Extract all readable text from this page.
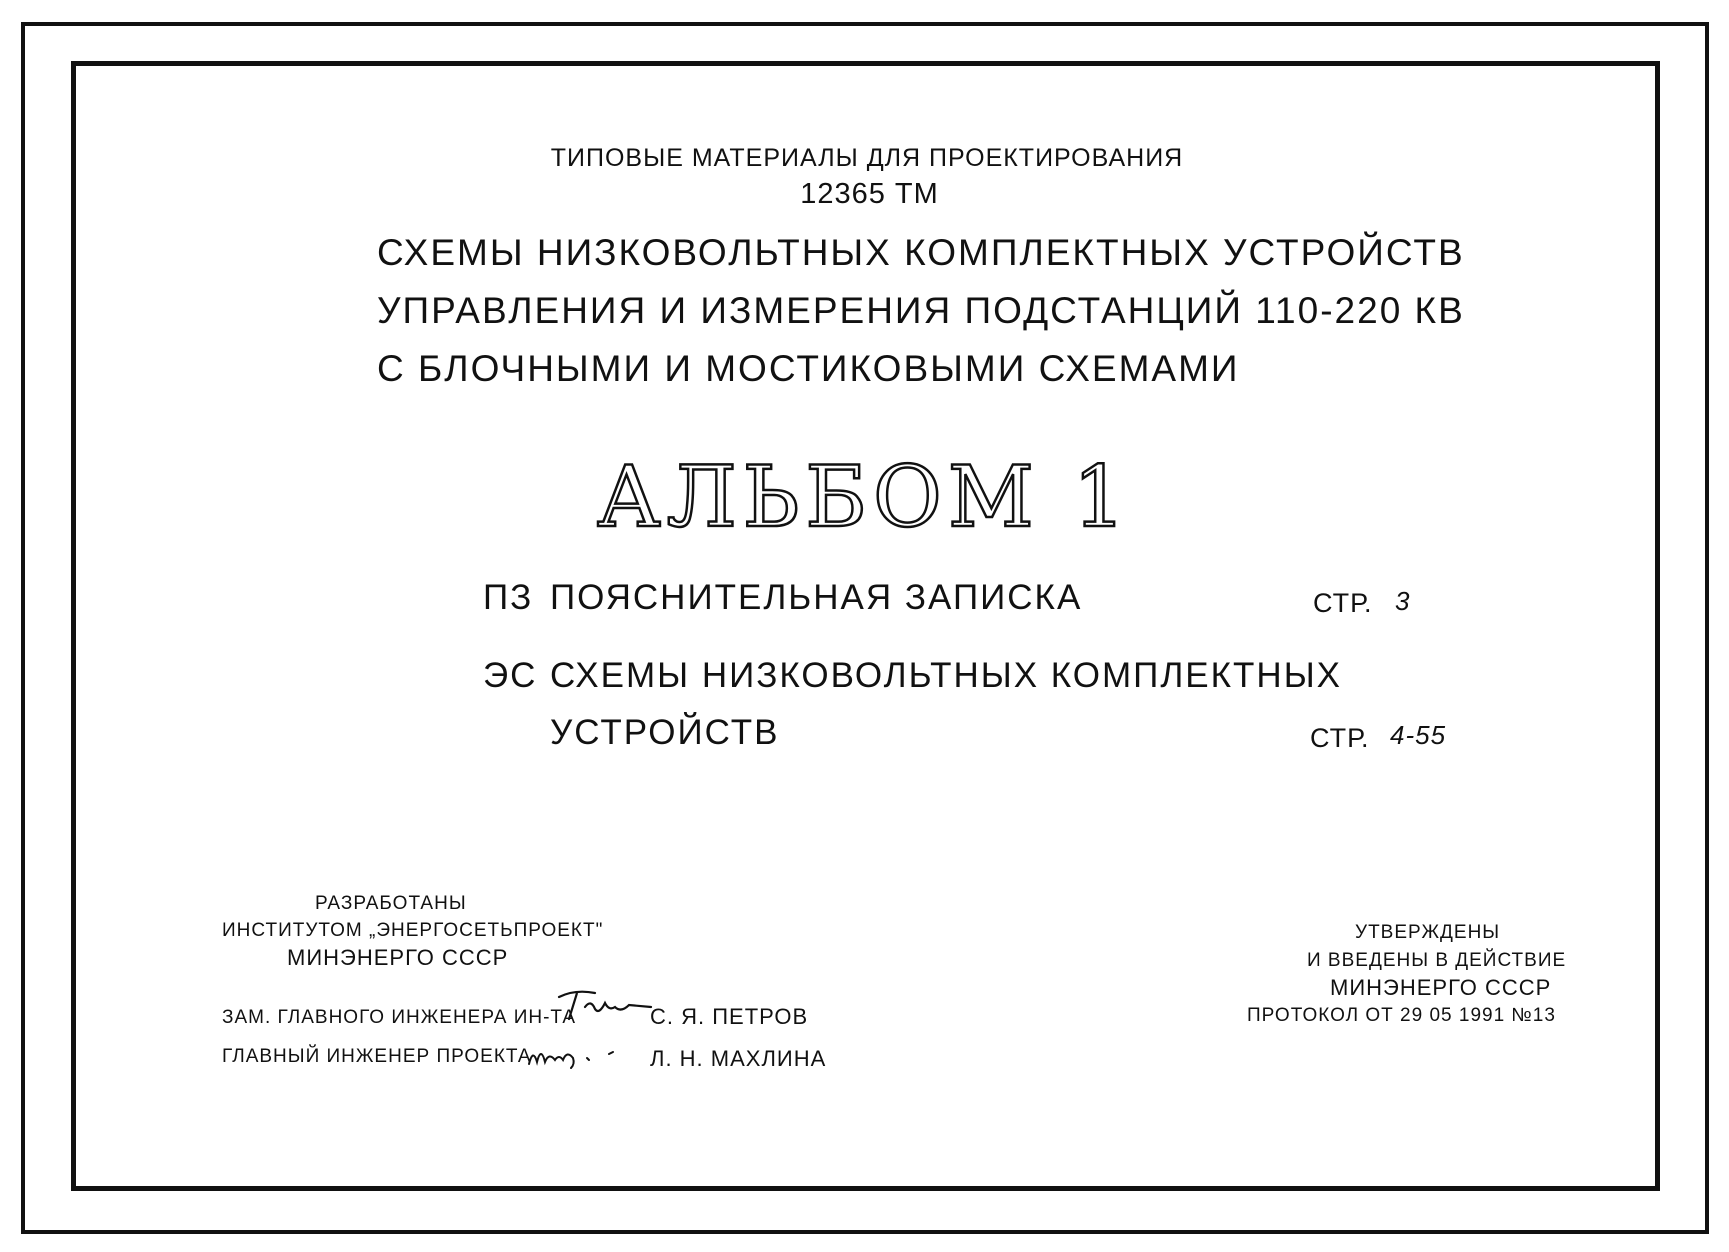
ТИПОВЫЕ МАТЕРИАЛЫ ДЛЯ ПРОЕКТИРОВАНИЯ
12365 ТМ
СХЕМЫ НИЗКОВОЛЬТНЫХ КОМПЛЕКТНЫХ УСТРОЙСТВ
УПРАВЛЕНИЯ И ИЗМЕРЕНИЯ ПОДСТАНЦИЙ 110-220 КВ
С БЛОЧНЫМИ И МОСТИКОВЫМИ СХЕМАМИ
АЛЬБОМ 1
ПЗ ПОЯСНИТЕЛЬНАЯ ЗАПИСКА	СТР. 3
ЭС СХЕМЫ НИЗКОВОЛЬТНЫХ КОМПЛЕКТНЫХ
УСТРОЙСТВ	СТР. 4-55
РАЗРАБОТАНЫ
ИНСТИТУТОМ „ЭНЕРГОСЕТЬПРОЕКТ"
МИНЭНЕРГО СССР
УТВЕРЖДЕНЫ
И ВВЕДЕНЫ В ДЕЙСТВИЕ
МИНЭНЕРГО СССР
ПРОТОКОЛ ОТ 29 05 1991 №13
ЗАМ. ГЛАВНОГО ИНЖЕНЕРА ИН-ТА	С. Я. ПЕТРОВ
ГЛАВНЫЙ ИНЖЕНЕР ПРОЕКТА	Л. Н. МАХЛИНА
